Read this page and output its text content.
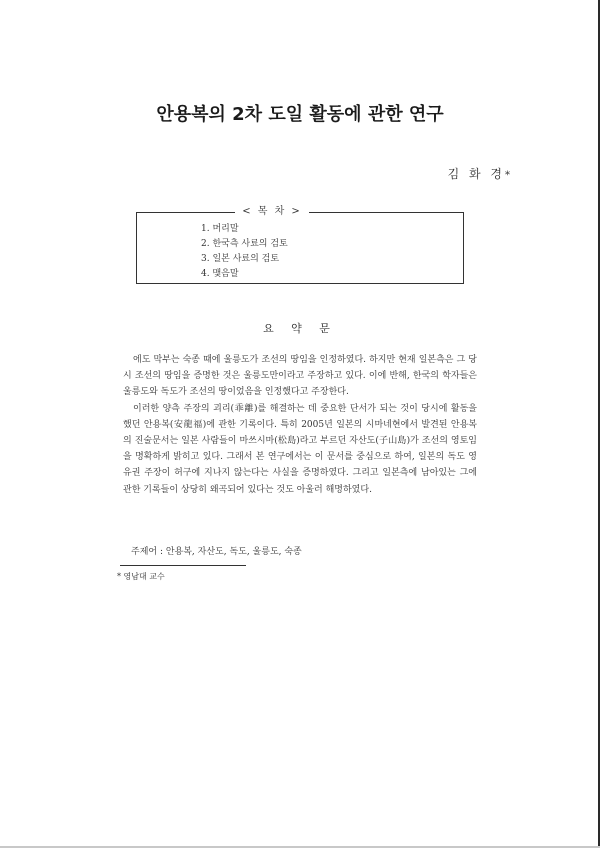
안용복의 2차 도일 활동에 관한 연구
김 화 경*
< 목 차 >
1. 머리말
2. 한국측 사료의 검토
3. 일본 사료의 검토
4. 맺음말
요 약 문

에도 막부는 숙종 때에 울릉도가 조선의 땅임을 인정하였다. 하지만 현재 일본측은 그 당시 조선의 땅임을 증명한 것은 울릉도만이라고 주장하고 있다. 이에 반해, 한국의 학자들은 울릉도와 독도가 조선의 땅이었음을 인정했다고 주장한다.

이러한 양측 주장의 괴리(乖離)를 해결하는 데 중요한 단서가 되는 것이 당시에 활동을 했던 안용복(安龍福)에 관한 기록이다. 특히 2005년 일본의 시마네현에서 발견된 안용복의 진술문서는 일본 사람들이 마쓰시마(松島)라고 부르던 자산도(子山島)가 조선의 영토임을 명확하게 밝히고 있다. 그래서 본 연구에서는 이 문서를 중심으로 하여, 일본의 독도 영유권 주장이 허구에 지나지 않는다는 사실을 증명하였다. 그리고 일본측에 남아있는 그에 관한 기록들이 상당히 왜곡되어 있다는 것도 아울러 해명하였다.

주제어 : 안용복, 자산도, 독도, 울릉도, 숙종
* 영남대 교수
